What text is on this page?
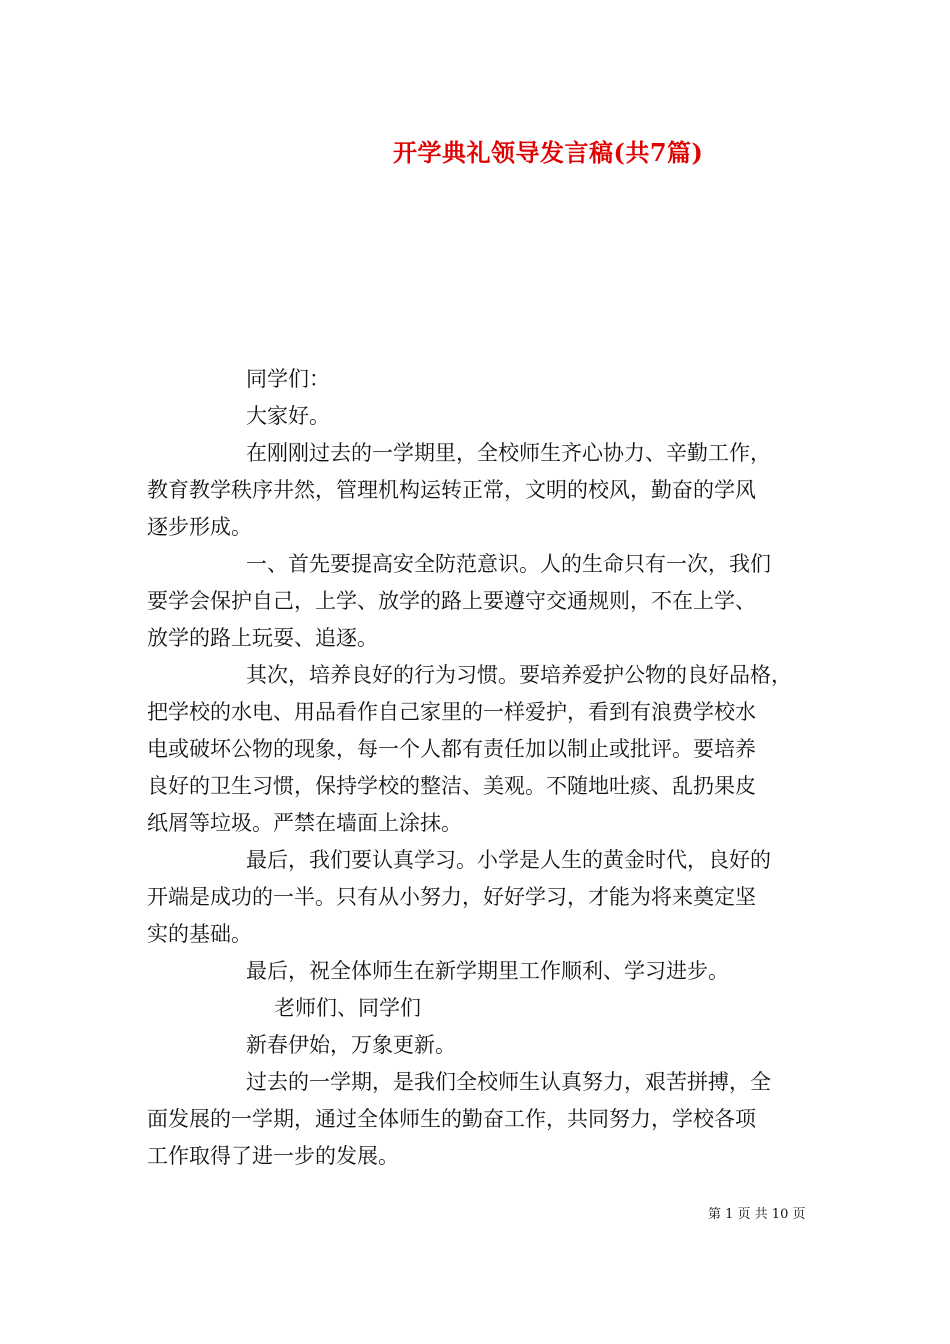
开学典礼领导发言稿(共7篇)
同学们：
大家好。
在刚刚过去的一学期里，全校师生齐心协力、辛勤工作，
教育教学秩序井然，管理机构运转正常，文明的校风，勤奋的学风
逐步形成。
一、首先要提高安全防范意识。人的生命只有一次，我们
要学会保护自己，上学、放学的路上要遵守交通规则，不在上学、
放学的路上玩耍、追逐。
其次，培养良好的行为习惯。要培养爱护公物的良好品格，
把学校的水电、用品看作自己家里的一样爱护，看到有浪费学校水
电或破坏公物的现象，每一个人都有责任加以制止或批评。要培养
良好的卫生习惯，保持学校的整洁、美观。不随地吐痰、乱扔果皮
纸屑等垃圾。严禁在墙面上涂抹。
最后，我们要认真学习。小学是人生的黄金时代，良好的
开端是成功的一半。只有从小努力，好好学习，才能为将来奠定坚
实的基础。
最后，祝全体师生在新学期里工作顺利、学习进步。
老师们、同学们
新春伊始，万象更新。
过去的一学期，是我们全校师生认真努力，艰苦拼搏，全
面发展的一学期，通过全体师生的勤奋工作，共同努力，学校各项
工作取得了进一步的发展。
第 1 页 共 10 页
